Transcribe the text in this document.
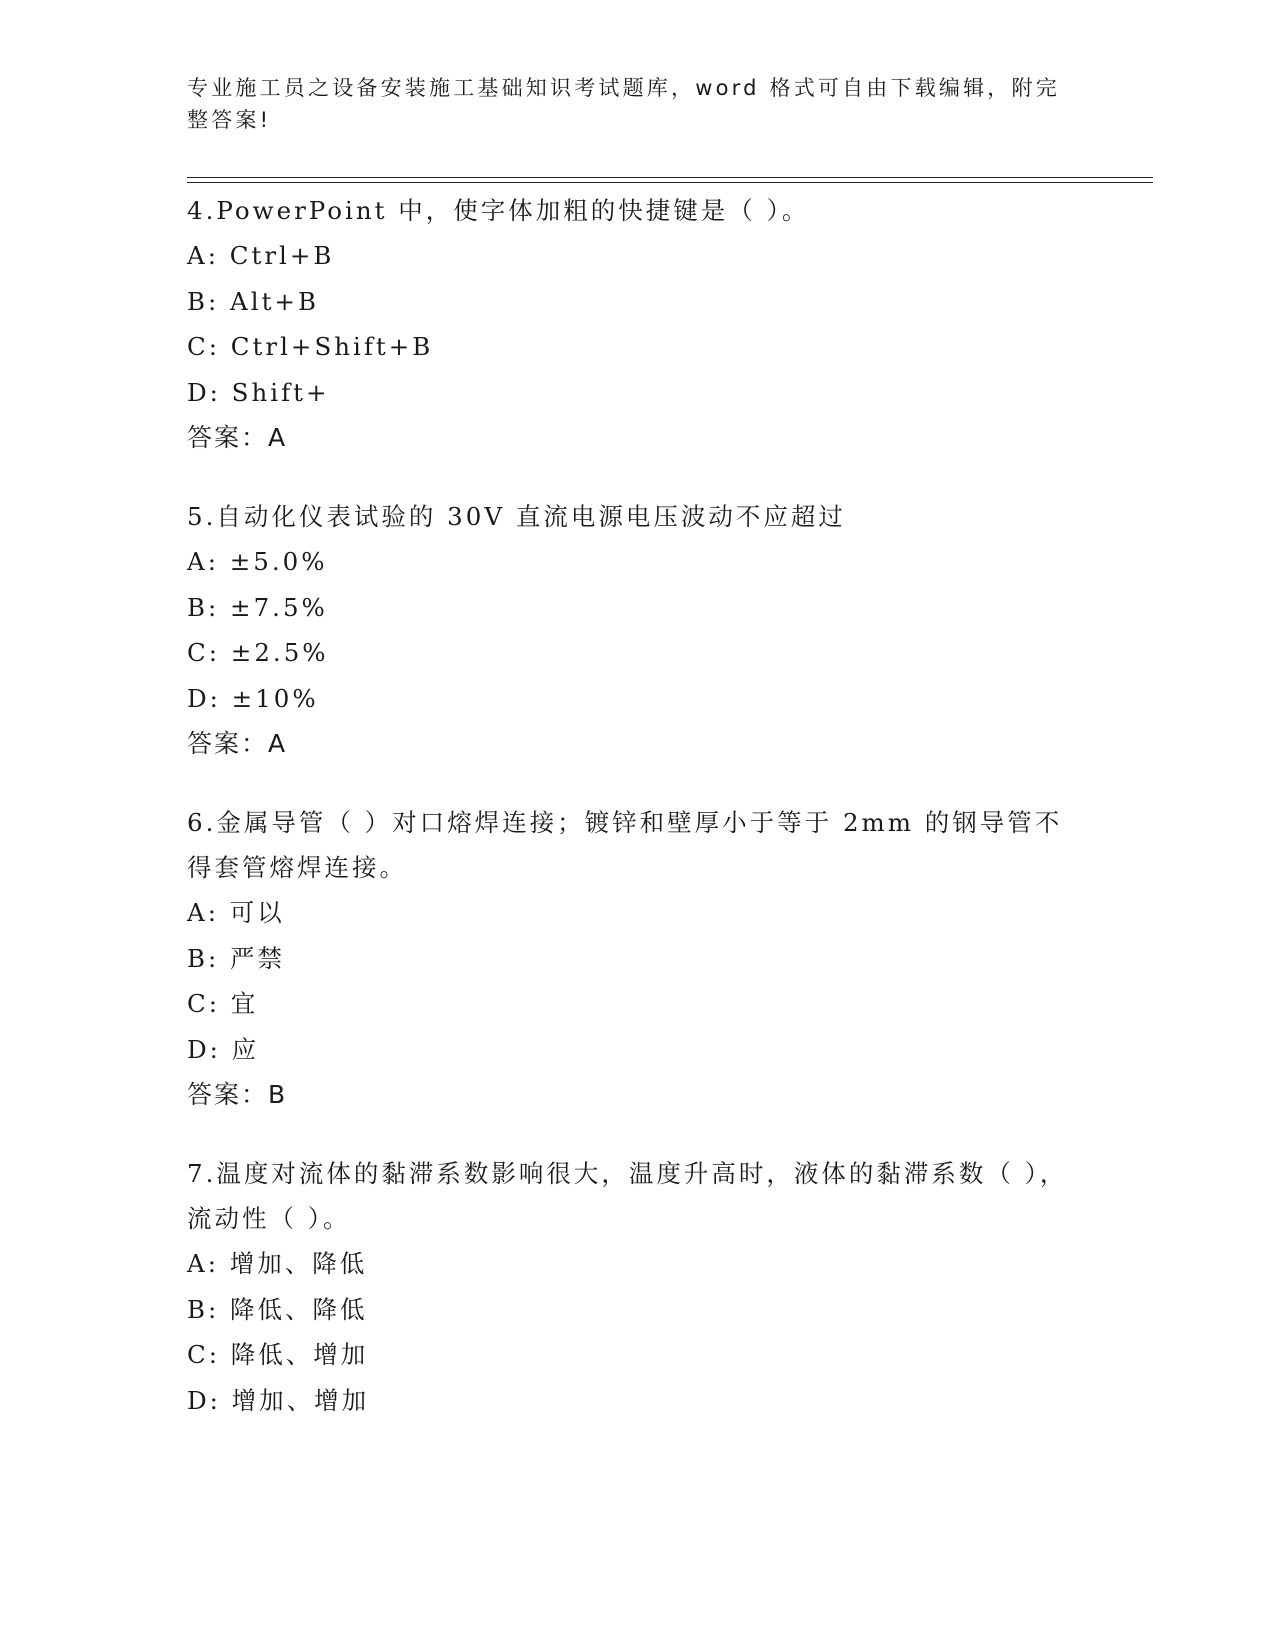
专业施工员之设备安装施工基础知识考试题库，word 格式可自由下载编辑，附完整答案!
4.PowerPoint 中，使字体加粗的快捷键是（ ）。
A: Ctrl+B
B: Alt+B
C: Ctrl+Shift+B
D: Shift+
答案：A
5.自动化仪表试验的 30V 直流电源电压波动不应超过
A: ±5.0%
B: ±7.5%
C: ±2.5%
D: ±10%
答案：A
6.金属导管（ ）对口熔焊连接；镀锌和壁厚小于等于 2mm 的钢导管不得套管熔焊连接。
A: 可以
B: 严禁
C: 宜
D: 应
答案：B
7.温度对流体的黏滞系数影响很大，温度升高时，液体的黏滞系数（ ），流动性（ ）。
A: 增加、降低
B: 降低、降低
C: 降低、增加
D: 增加、增加
